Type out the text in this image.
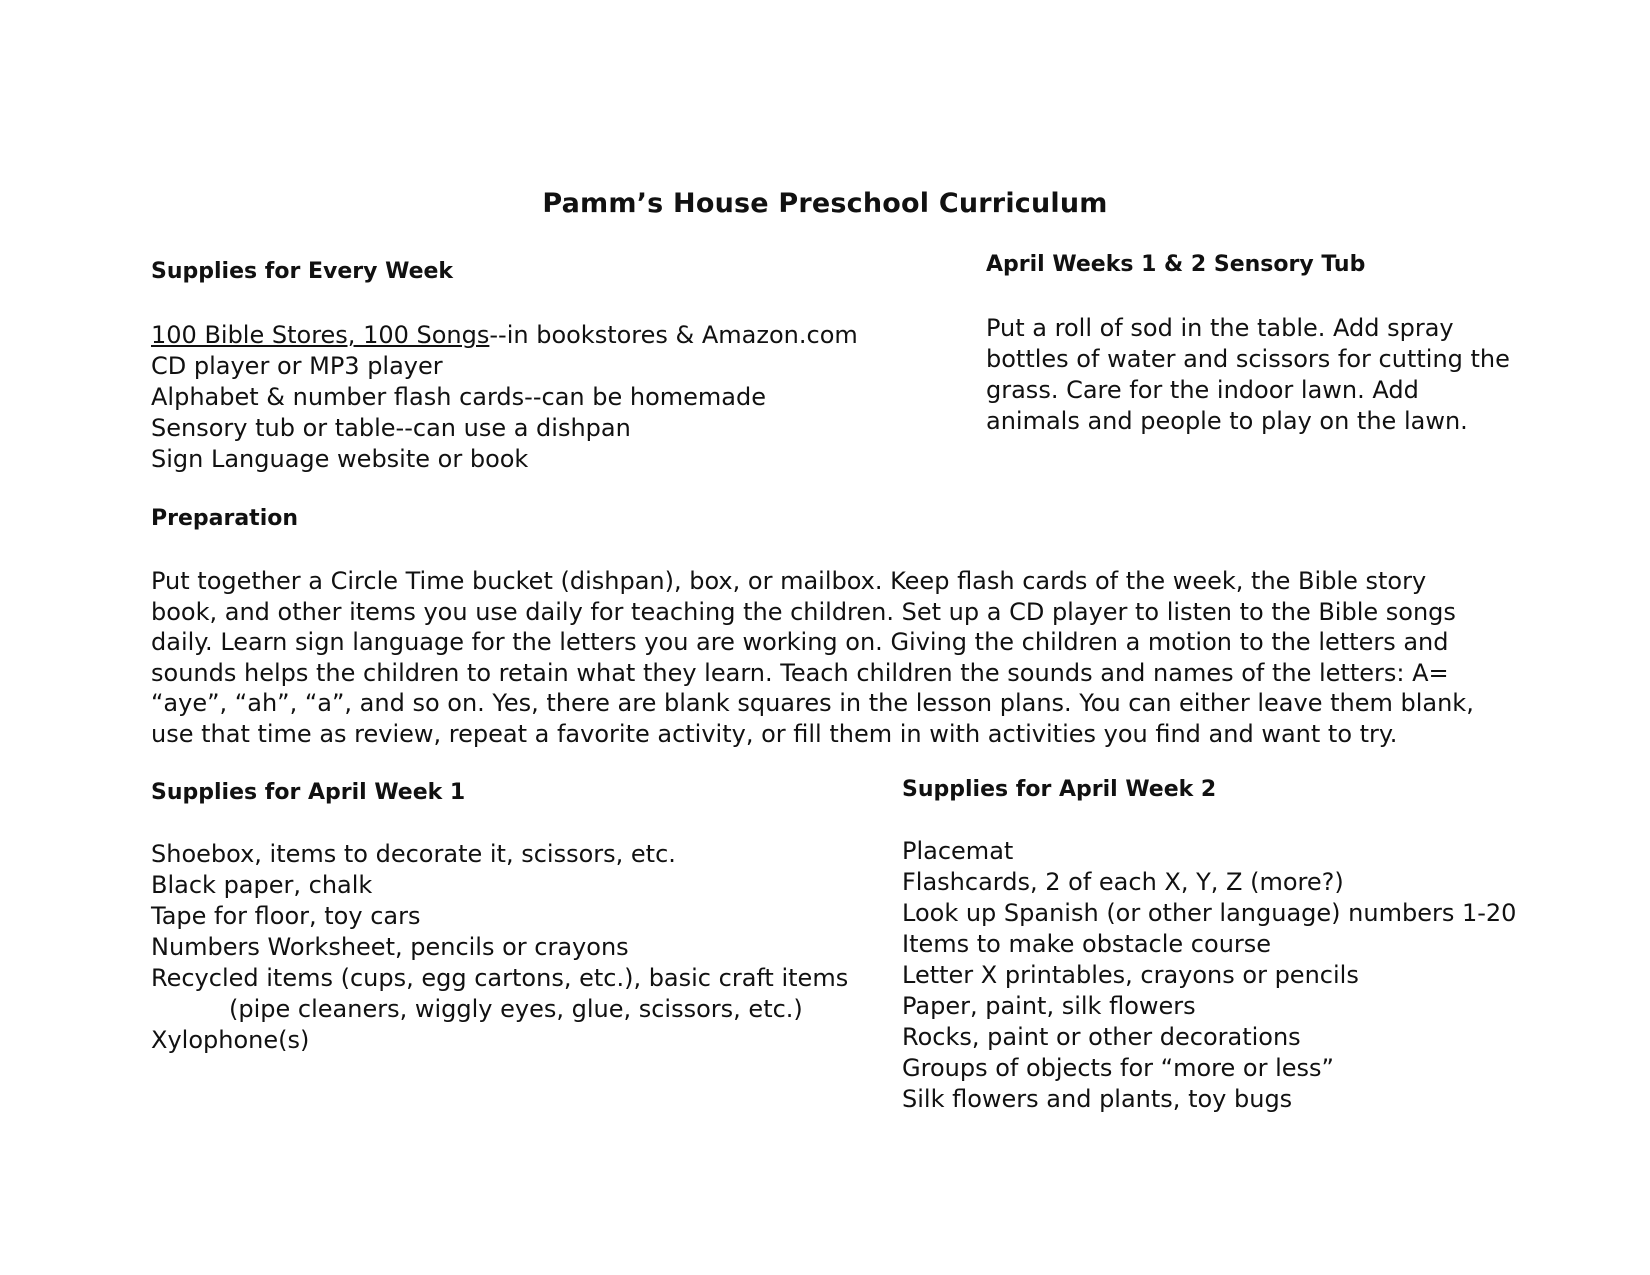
Pamm’s House Preschool Curriculum
Supplies for Every Week
100 Bible Stores, 100 Songs--in bookstores & Amazon.com
CD player or MP3 player
Alphabet & number flash cards--can be homemade
Sensory tub or table--can use a dishpan
Sign Language website or book
April Weeks 1 & 2 Sensory Tub
Put a roll of sod in the table. Add spray
bottles of water and scissors for cutting the
grass. Care for the indoor lawn. Add
animals and people to play on the lawn.
Preparation
Put together a Circle Time bucket (dishpan), box, or mailbox. Keep flash cards of the week, the Bible story
book, and other items you use daily for teaching the children. Set up a CD player to listen to the Bible songs
daily. Learn sign language for the letters you are working on. Giving the children a motion to the letters and
sounds helps the children to retain what they learn. Teach children the sounds and names of the letters: A=
“aye”, “ah”, “a”, and so on. Yes, there are blank squares in the lesson plans. You can either leave them blank,
use that time as review, repeat a favorite activity, or fill them in with activities you find and want to try.
Supplies for April Week 1
Shoebox, items to decorate it, scissors, etc.
Black paper, chalk
Tape for floor, toy cars
Numbers Worksheet, pencils or crayons
Recycled items (cups, egg cartons, etc.), basic craft items
(pipe cleaners, wiggly eyes, glue, scissors, etc.)
Xylophone(s)
Supplies for April Week 2
Placemat
Flashcards, 2 of each X, Y, Z (more?)
Look up Spanish (or other language) numbers 1-20
Items to make obstacle course
Letter X printables, crayons or pencils
Paper, paint, silk flowers
Rocks, paint or other decorations
Groups of objects for “more or less”
Silk flowers and plants, toy bugs
